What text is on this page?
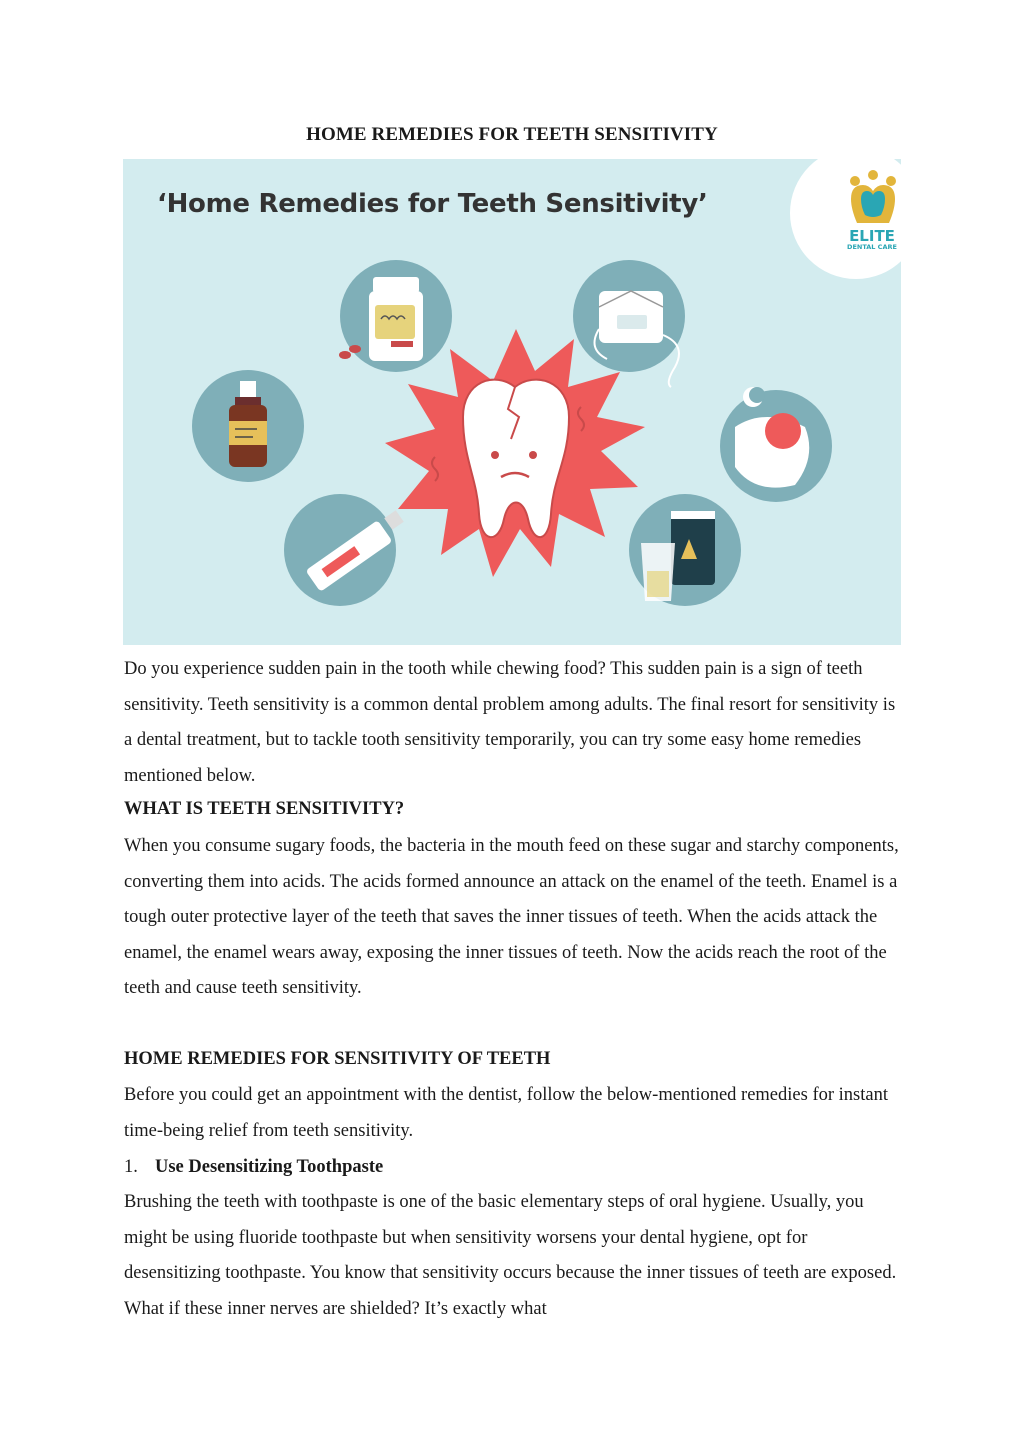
HOME REMEDIES FOR TEETH SENSITIVITY
‘Home Remedies for Teeth Sensitivity’
ELITE
DENTAL CARE

Do you experience sudden pain in the tooth while chewing food? This sudden pain is a sign of teeth sensitivity. Teeth sensitivity is a common dental problem among adults. The final resort for sensitivity is a dental treatment, but to tackle tooth sensitivity temporarily, you can try some easy home remedies mentioned below.

WHAT IS TEETH SENSITIVITY?

When you consume sugary foods, the bacteria in the mouth feed on these sugar and starchy components, converting them into acids. The acids formed announce an attack on the enamel of the teeth. Enamel is a tough outer protective layer of the teeth that saves the inner tissues of teeth. When the acids attack the enamel, the enamel wears away, exposing the inner tissues of teeth. Now the acids reach the root of the teeth and cause teeth sensitivity.

HOME REMEDIES FOR SENSITIVITY OF TEETH

Before you could get an appointment with the dentist, follow the below-mentioned remedies for instant time-being relief from teeth sensitivity.

1. Use Desensitizing Toothpaste

Brushing the teeth with toothpaste is one of the basic elementary steps of oral hygiene. Usually, you might be using fluoride toothpaste but when sensitivity worsens your dental hygiene, opt for desensitizing toothpaste. You know that sensitivity occurs because the inner tissues of teeth are exposed. What if these inner nerves are shielded? It’s exactly what
